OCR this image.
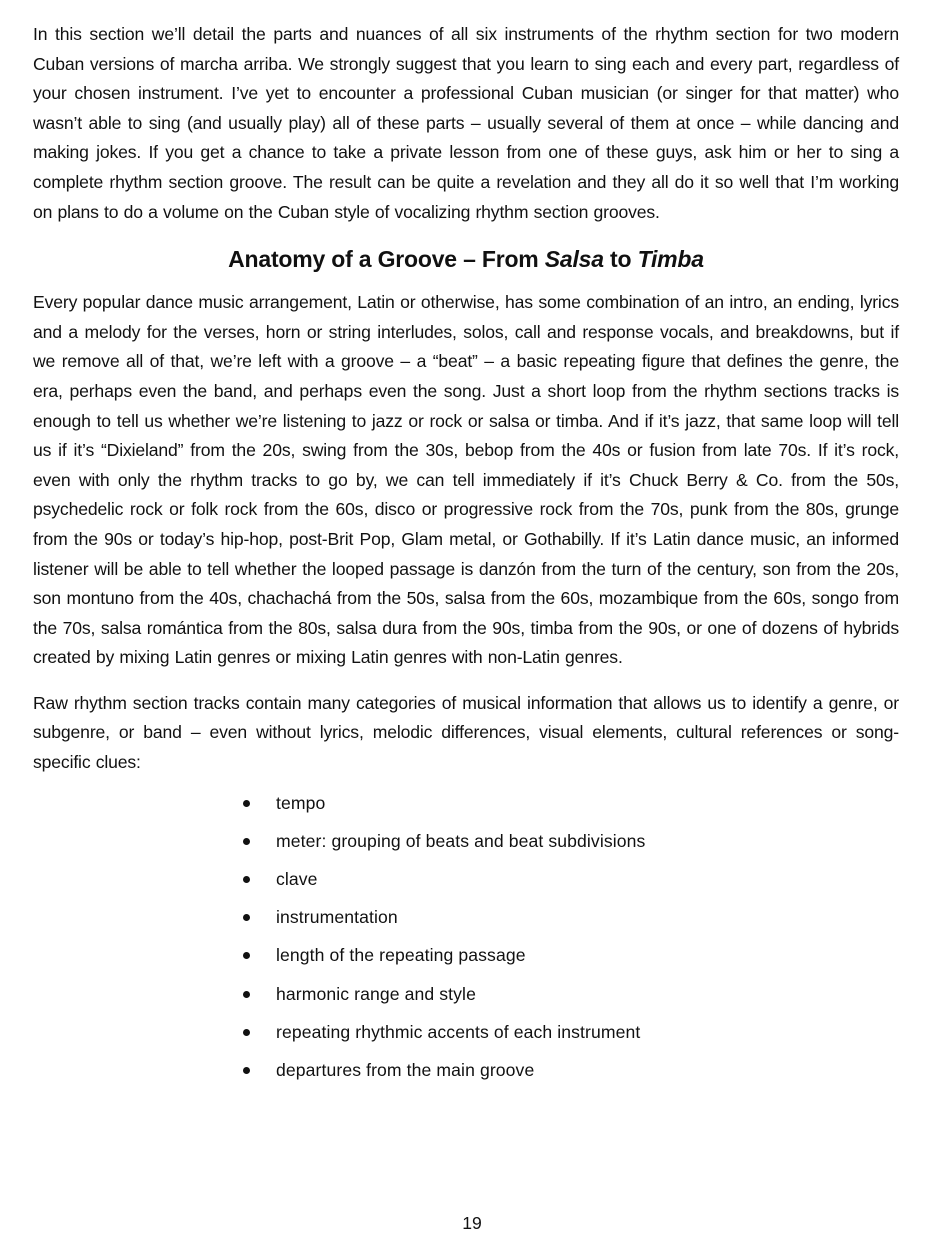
In this section we’ll detail the parts and nuances of all six instruments of the rhythm section for two modern Cuban versions of marcha arriba. We strongly suggest that you learn to sing each and every part, regardless of your chosen instrument. I’ve yet to encounter a professional Cuban musician (or singer for that matter) who wasn’t able to sing (and usually play) all of these parts – usually several of them at once – while dancing and making jokes. If you get a chance to take a private lesson from one of these guys, ask him or her to sing a complete rhythm section groove. The result can be quite a revelation and they all do it so well that I’m working on plans to do a volume on the Cuban style of vocalizing rhythm section grooves.

Anatomy of a Groove – From Salsa to Timba

Every popular dance music arrangement, Latin or otherwise, has some combination of an intro, an ending, lyrics and a melody for the verses, horn or string interludes, solos, call and response vocals, and breakdowns, but if we remove all of that, we’re left with a groove – a “beat” – a basic repeating figure that defines the genre, the era, perhaps even the band, and perhaps even the song. Just a short loop from the rhythm sections tracks is enough to tell us whether we’re listening to jazz or rock or salsa or timba. And if it’s jazz, that same loop will tell us if it’s “Dixieland” from the 20s, swing from the 30s, bebop from the 40s or fusion from late 70s. If it’s rock, even with only the rhythm tracks to go by, we can tell immediately if it’s Chuck Berry & Co. from the 50s, psychedelic rock or folk rock from the 60s, disco or progressive rock from the 70s, punk from the 80s, grunge from the 90s or today’s hip-hop, post-Brit Pop, Glam metal, or Gothabilly. If it’s Latin dance music, an informed listener will be able to tell whether the looped passage is danzón from the turn of the century, son from the 20s, son montuno from the 40s, chachachá from the 50s, salsa from the 60s, mozambique from the 60s, songo from the 70s, salsa romántica from the 80s, salsa dura from the 90s, timba from the 90s, or one of dozens of hybrids created by mixing Latin genres or mixing Latin genres with non-Latin genres.

Raw rhythm section tracks contain many categories of musical information that allows us to identify a genre, or subgenre, or band – even without lyrics, melodic differences, visual elements, cultural references or song-specific clues:

tempo
meter: grouping of beats and beat subdivisions
clave
instrumentation
length of the repeating passage
harmonic range and style
repeating rhythmic accents of each instrument
departures from the main groove
19
